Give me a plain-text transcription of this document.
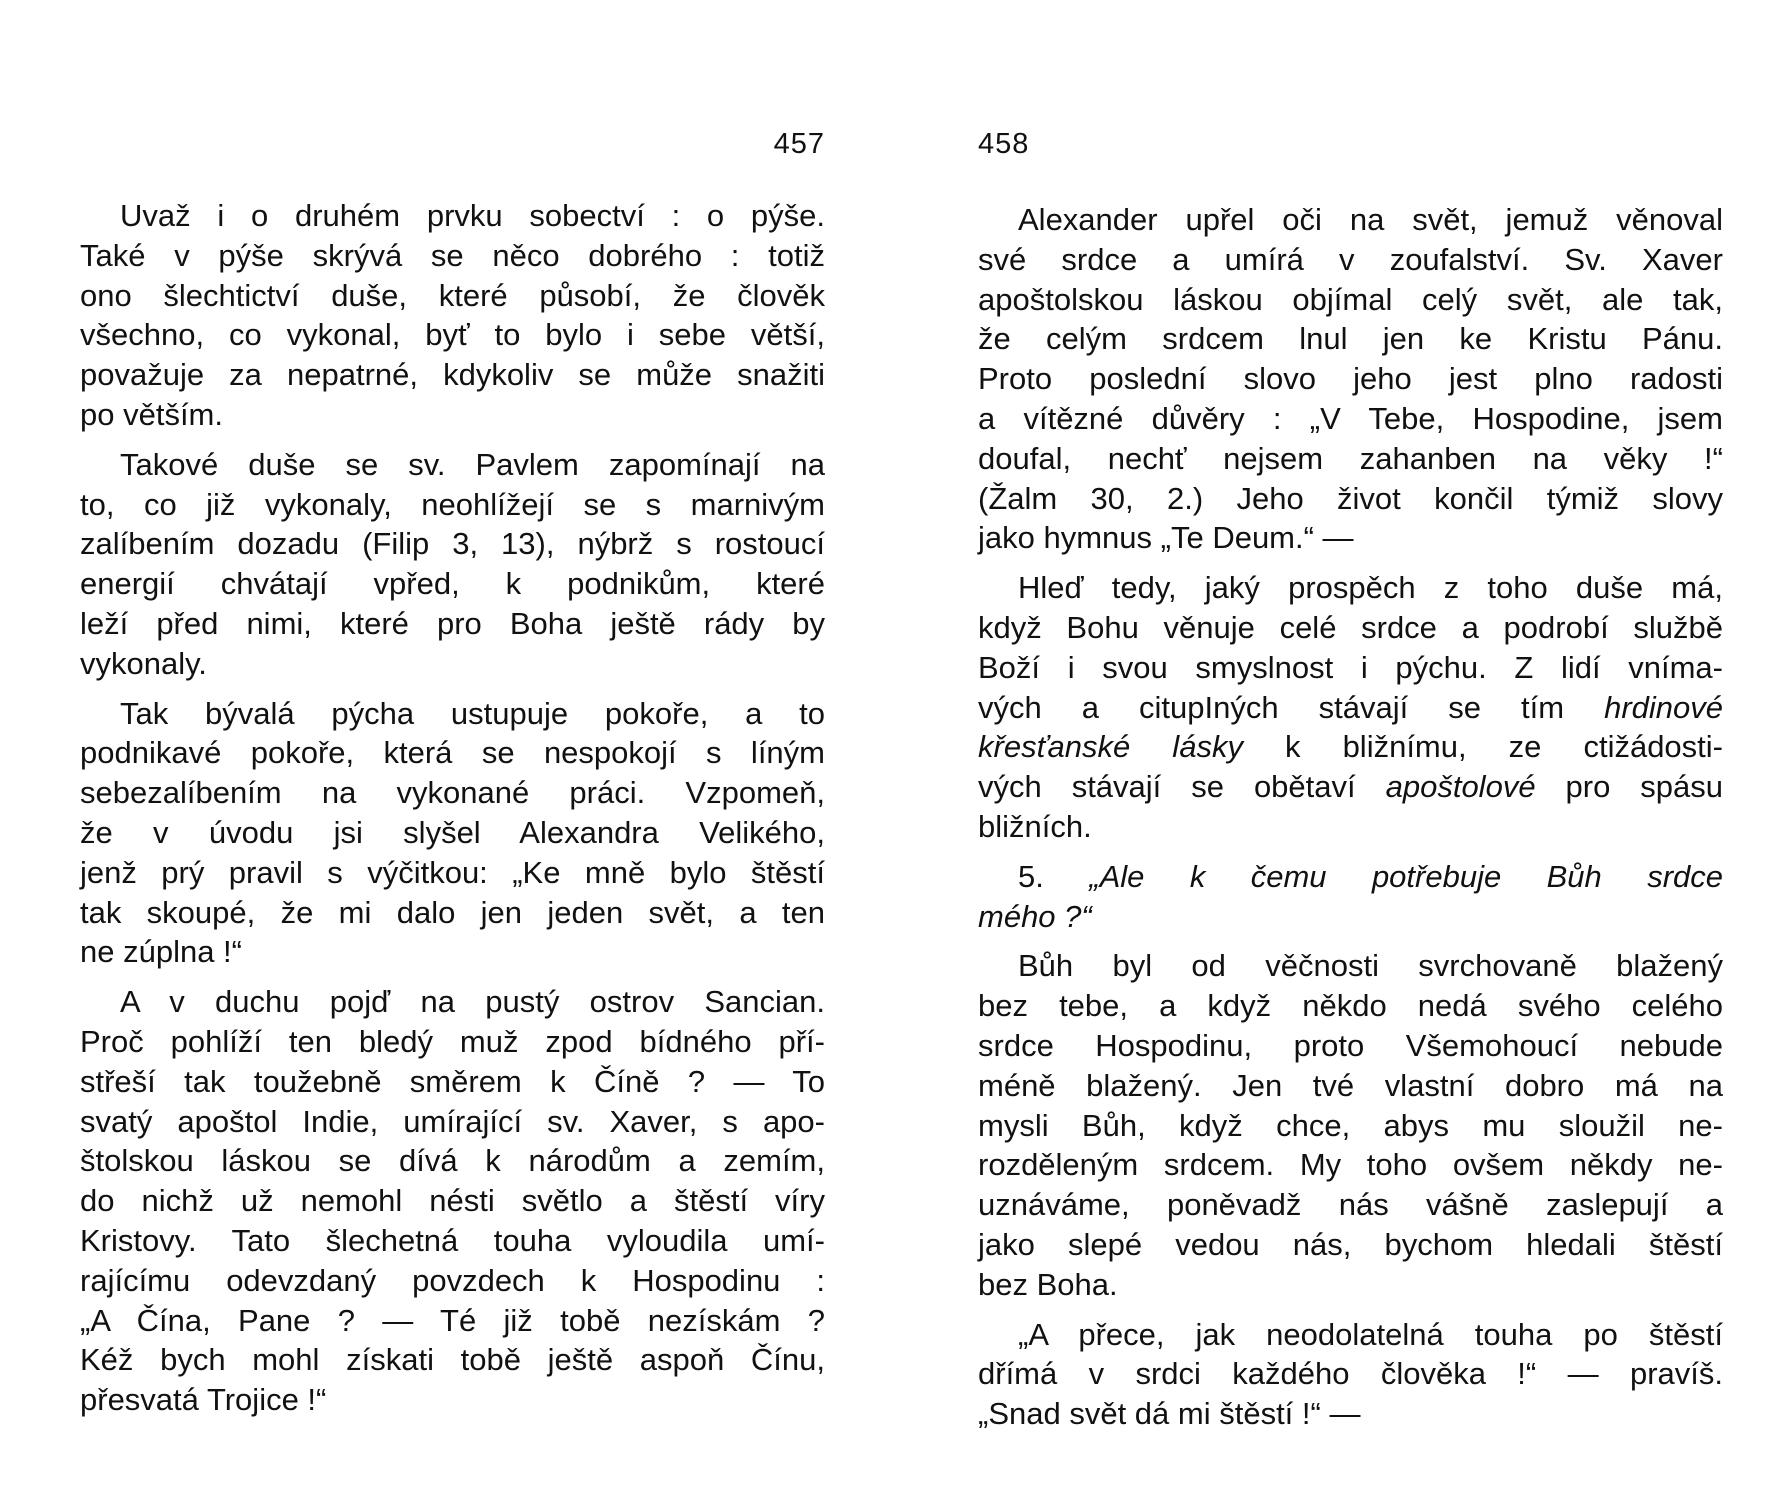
457
Uvaž i o druhém prvku sobectví : o pýše.
Také v pýše skrývá se něco dobrého : totiž
ono šlechtictví duše, které působí, že člověk
všechno, co vykonal, byť to bylo i sebe větší,
považuje za nepatrné, kdykoliv se může snažiti
po větším.
Takové duše se sv. Pavlem zapomínají na
to, co již vykonaly, neohlížejí se s marnivým
zalíbením dozadu (Filip 3, 13), nýbrž s rostoucí
energií chvátají vpřed, k podnikům, které
leží před nimi, které pro Boha ještě rády by
vykonaly.
Tak bývalá pýcha ustupuje pokoře, a to
podnikavé pokoře, která se nespokojí s líným
sebezalíbením na vykonané práci. Vzpomeň,
že v úvodu jsi slyšel Alexandra Velikého,
jenž prý pravil s výčitkou: „Ke mně bylo štěstí
tak skoupé, že mi dalo jen jeden svět, a ten
ne zúplna !“
A v duchu pojď na pustý ostrov Sancian.
Proč pohlíží ten bledý muž zpod bídného pří-
střeší tak toužebně směrem k Číně ? — To
svatý apoštol Indie, umírající sv. Xaver, s apo-
štolskou láskou se dívá k národům a zemím,
do nichž už nemohl nésti světlo a štěstí víry
Kristovy. Tato šlechetná touha vyloudila umí-
rajícímu odevzdaný povzdech k Hospodinu :
„A Čína, Pane ? — Té již tobě nezískám ?
Kéž bych mohl získati tobě ještě aspoň Čínu,
přesvatá Trojice !“
458
Alexander upřel oči na svět, jemuž věnoval
své srdce a umírá v zoufalství. Sv. Xaver
apoštolskou láskou objímal celý svět, ale tak,
že celým srdcem lnul jen ke Kristu Pánu.
Proto poslední slovo jeho jest plno radosti
a vítězné důvěry : „V Tebe, Hospodine, jsem
doufal, nechť nejsem zahanben na věky !“
(Žalm 30, 2.) Jeho život končil týmiž slovy
jako hymnus „Te Deum.“ —
Hleď tedy, jaký prospěch z toho duše má,
když Bohu věnuje celé srdce a podrobí službě
Boží i svou smyslnost i pýchu. Z lidí vníma-
vých a citupIných stávají se tím hrdinové
křesťanské lásky k bližnímu, ze ctižádosti-
vých stávají se obětaví apoštolové pro spásu
bližních.
5. „Ale k čemu potřebuje Bůh srdce
mého ?“
Bůh byl od věčnosti svrchovaně blažený
bez tebe, a když někdo nedá svého celého
srdce Hospodinu, proto Všemohoucí nebude
méně blažený. Jen tvé vlastní dobro má na
mysli Bůh, když chce, abys mu sloužil ne-
rozděleným srdcem. My toho ovšem někdy ne-
uznáváme, poněvadž nás vášně zaslepují a
jako slepé vedou nás, bychom hledali štěstí
bez Boha.
„A přece, jak neodolatelná touha po štěstí
dřímá v srdci každého člověka !“ — pravíš.
„Snad svět dá mi štěstí !“ —
